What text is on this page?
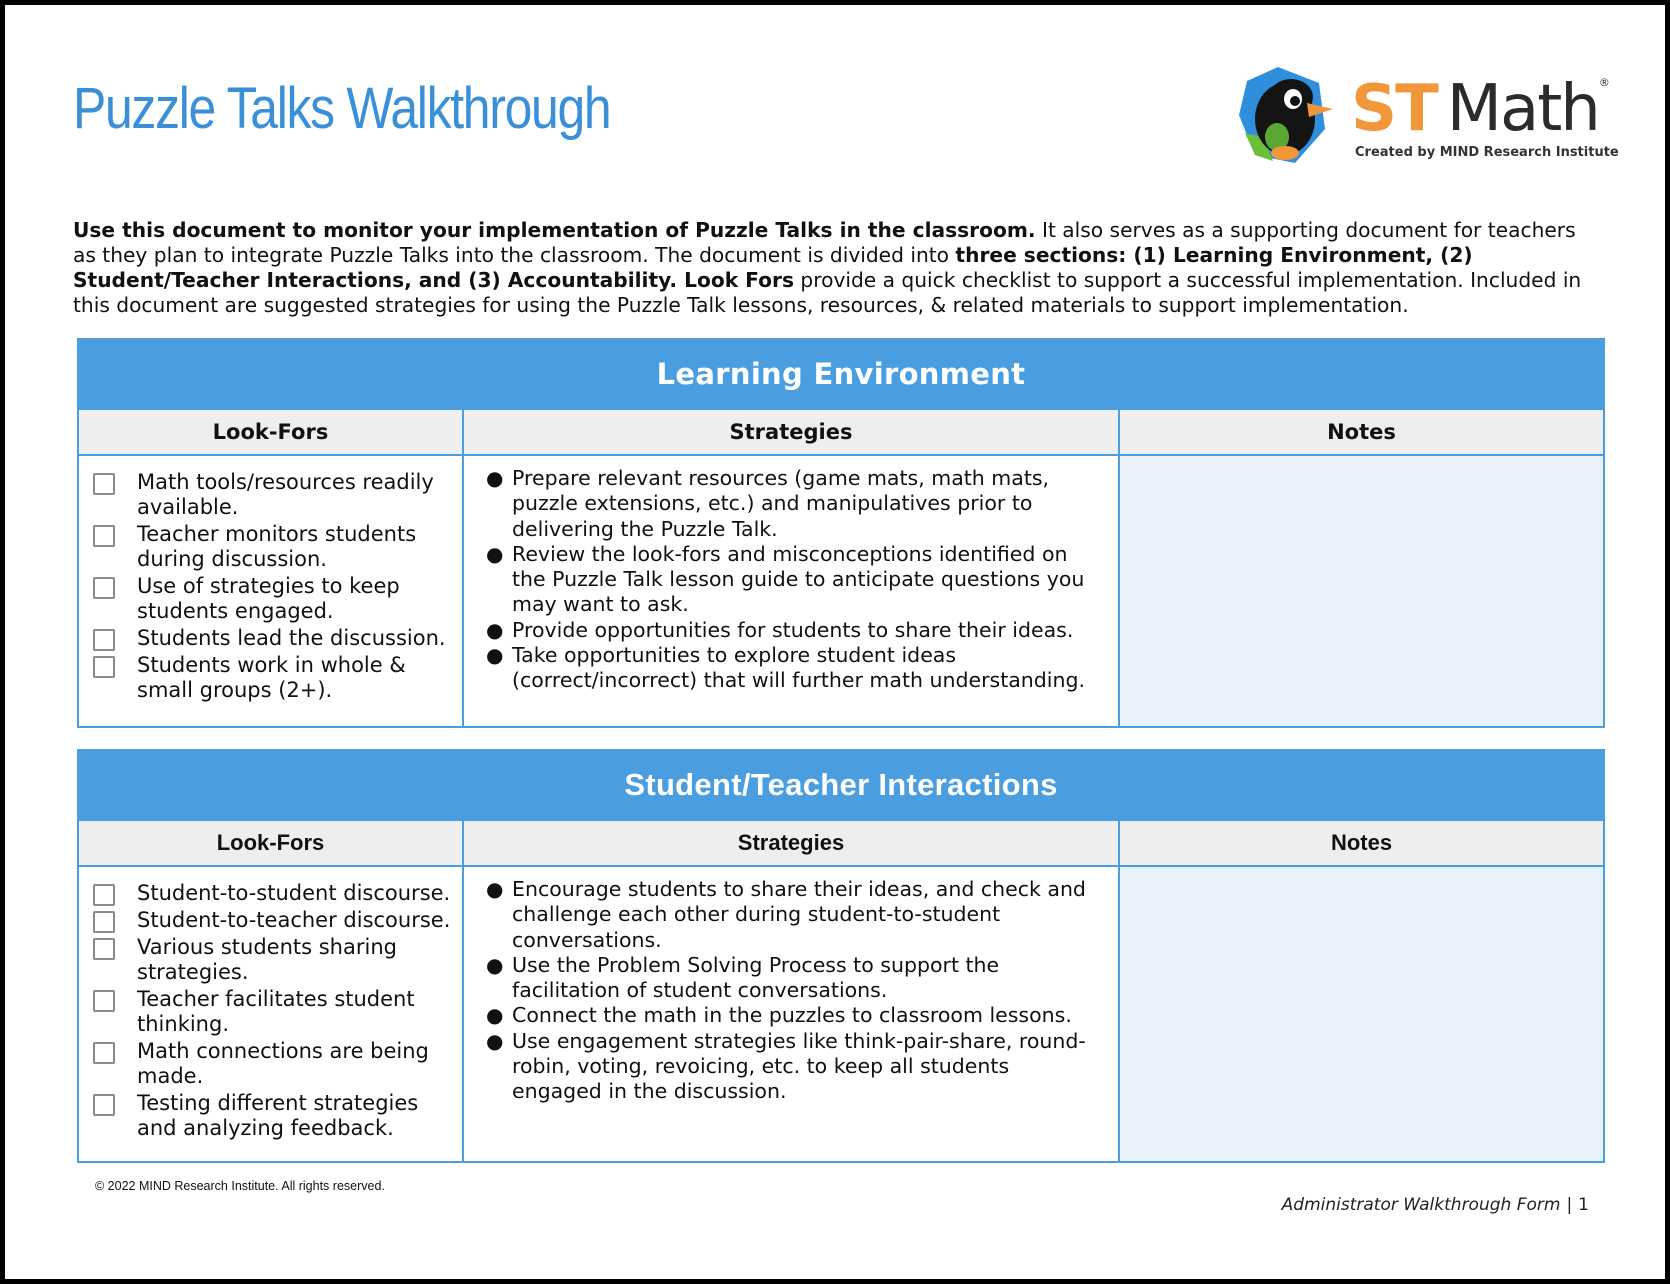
Puzzle Talks Walkthrough	ST Math®
Created by MIND Research Institute
Use this document to monitor your implementation of Puzzle Talks in the classroom. It also serves as a supporting document for teachers as they plan to integrate Puzzle Talks into the classroom. The document is divided into three sections: (1) Learning Environment, (2) Student/Teacher Interactions, and (3) Accountability. Look Fors provide a quick checklist to support a successful implementation. Included in this document are suggested strategies for using the Puzzle Talk lessons, resources, & related materials to support implementation.
Learning Environment
Look-Fors
Math tools/resources readily available.
Teacher monitors students during discussion.
Use of strategies to keep students engaged.
Students lead the discussion.
Students work in whole & small groups (2+).
Strategies
● Prepare relevant resources (game mats, math mats, puzzle extensions, etc.) and manipulatives prior to delivering the Puzzle Talk.
● Review the look-fors and misconceptions identified on the Puzzle Talk lesson guide to anticipate questions you may want to ask.
● Provide opportunities for students to share their ideas.
● Take opportunities to explore student ideas (correct/incorrect) that will further math understanding.
Notes
Student/Teacher Interactions
Look-Fors
Student-to-student discourse.
Student-to-teacher discourse.
Various students sharing strategies.
Teacher facilitates student thinking.
Math connections are being made.
Testing different strategies and analyzing feedback.
Strategies
● Encourage students to share their ideas, and check and challenge each other during student-to-student conversations.
● Use the Problem Solving Process to support the facilitation of student conversations.
● Connect the math in the puzzles to classroom lessons.
● Use engagement strategies like think-pair-share, round-robin, voting, revoicing, etc. to keep all students engaged in the discussion.
Notes
© 2022 MIND Research Institute. All rights reserved.
Administrator Walkthrough Form | 1
